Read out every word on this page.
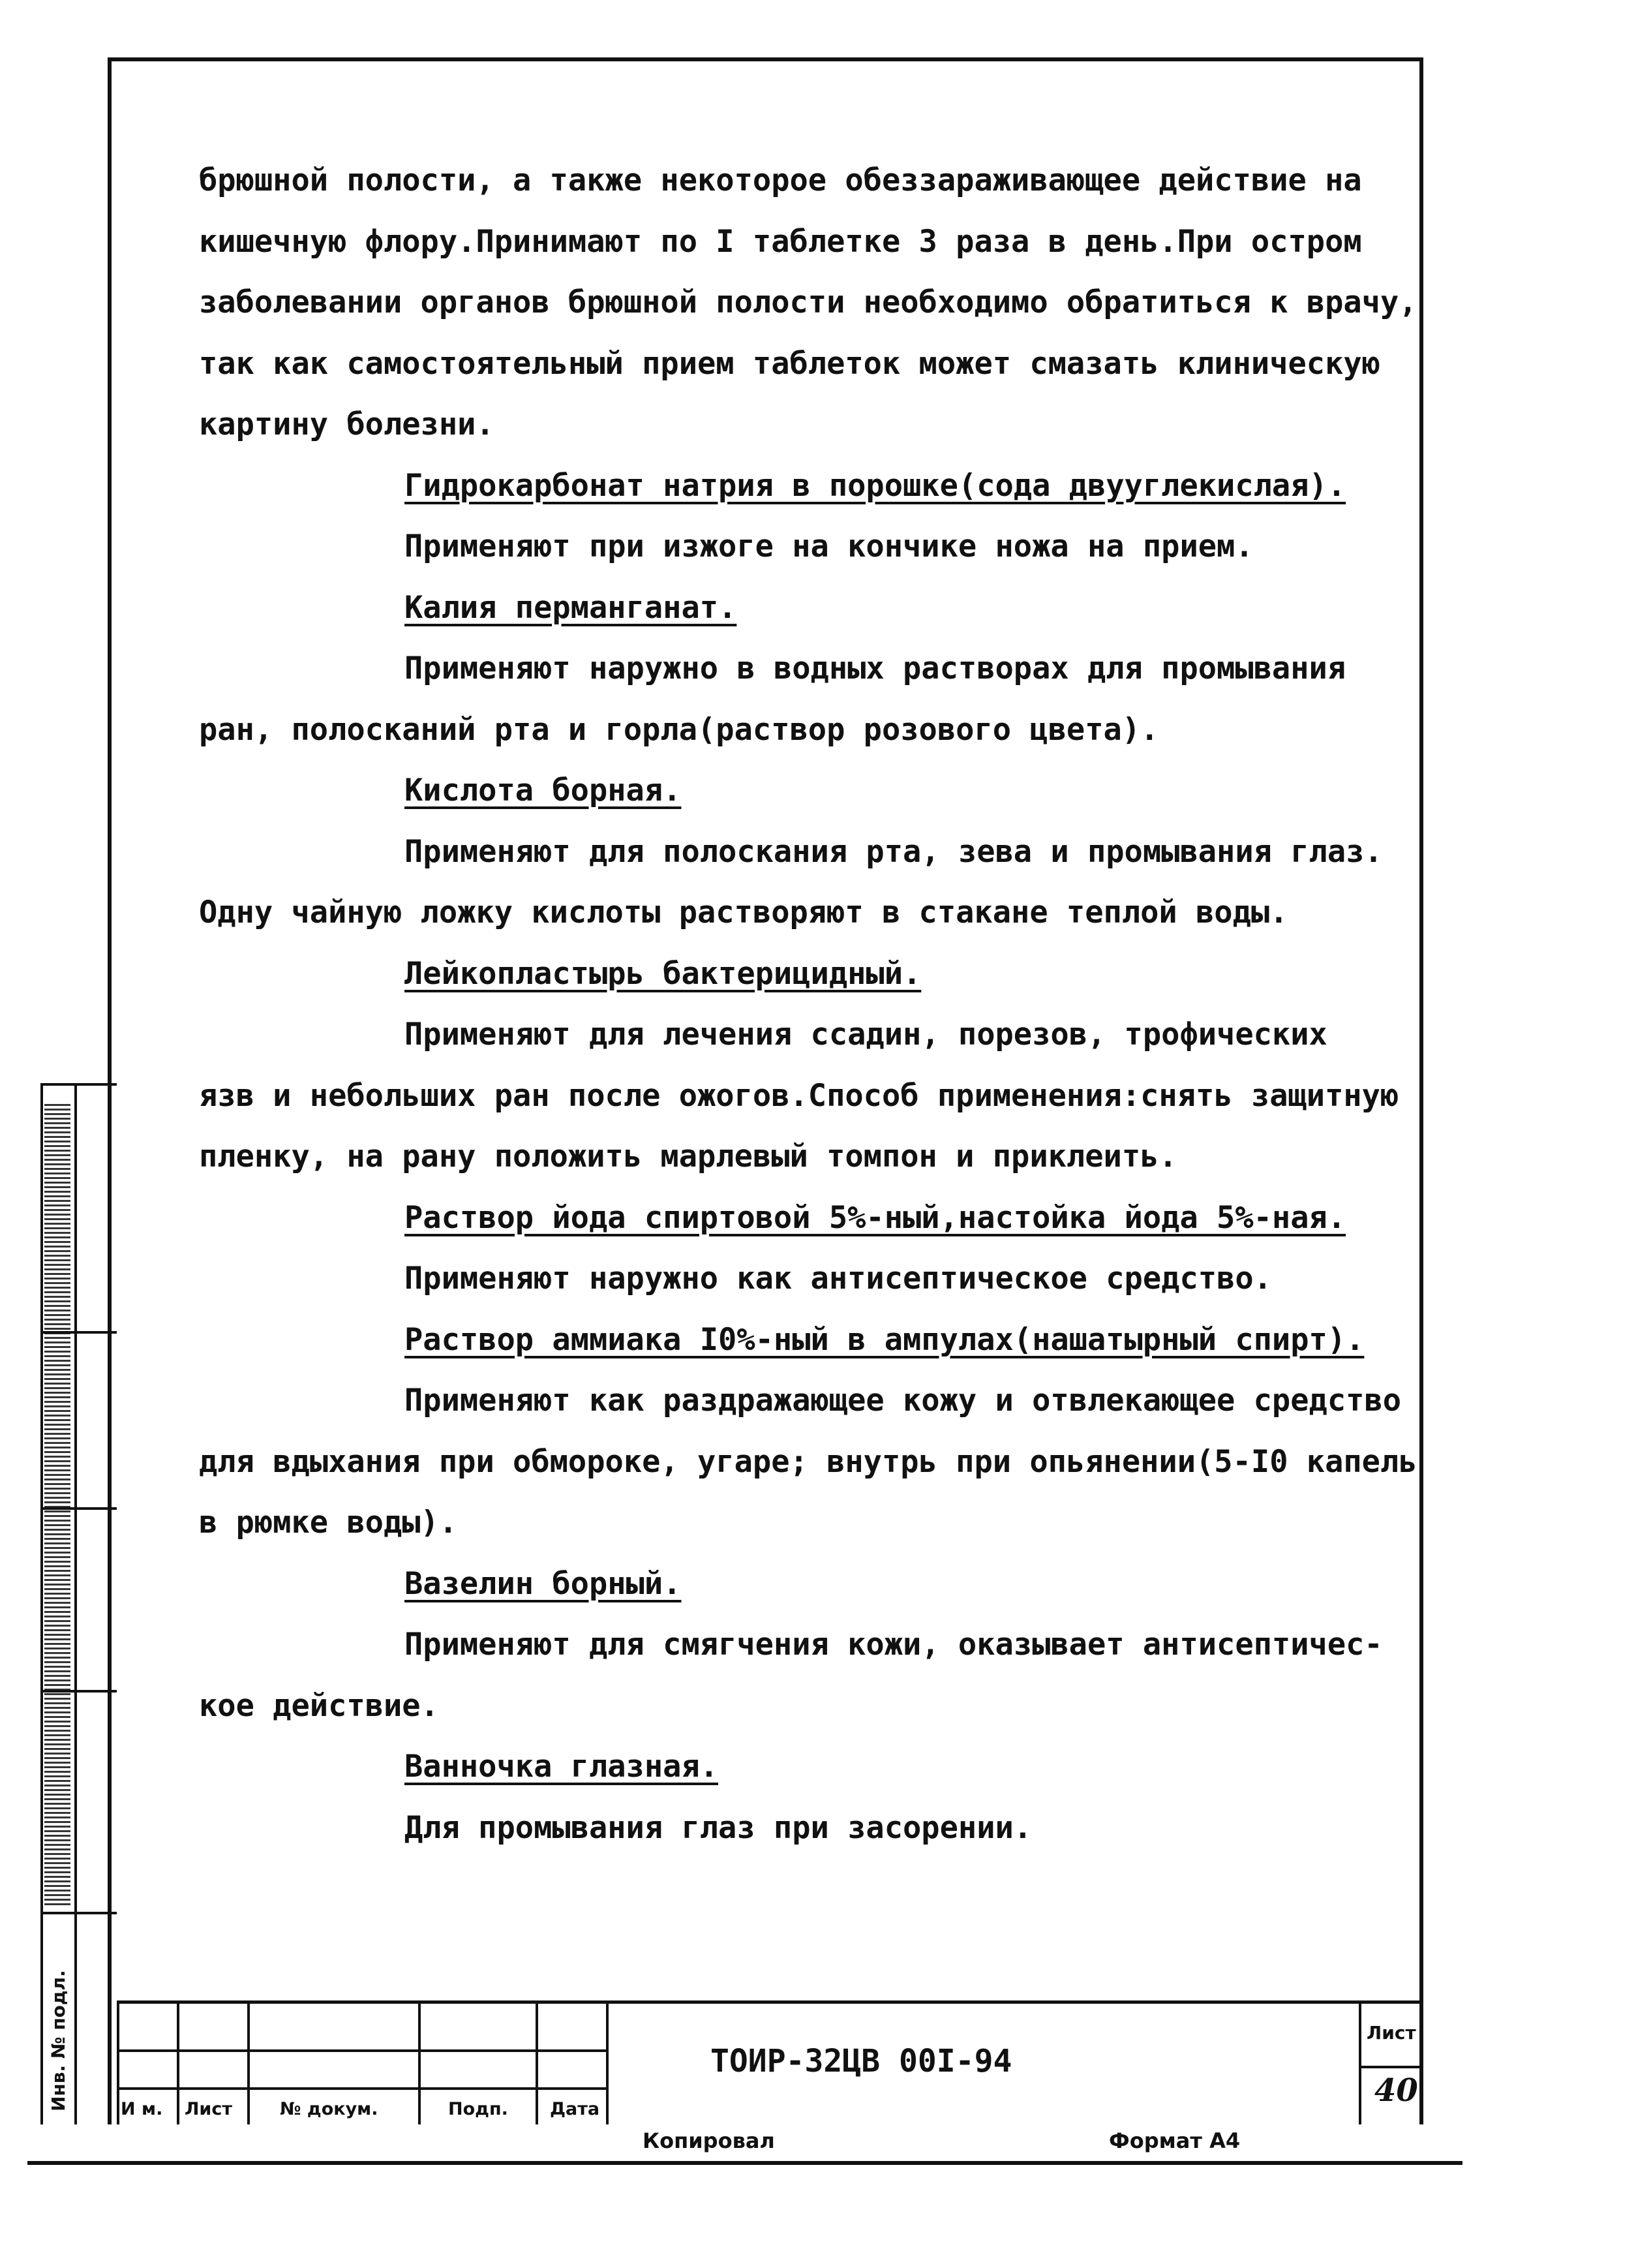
брюшной полости, а также некоторое обеззараживающее действие на
кишечную флору.Принимают по I таблетке 3 раза в день.При остром
заболевании органов брюшной полости необходимо обратиться к врачу,
так как самостоятельный прием таблеток может смазать клиническую
картину болезни.
Гидрокарбонат натрия в порошке(сода двууглекислая).
Применяют при изжоге на кончике ножа на прием.
Калия перманганат.
Применяют наружно в водных растворах для промывания
ран, полосканий рта и горла(раствор розового цвета).
Кислота борная.
Применяют для полоскания рта, зева и промывания глаз.
Одну чайную ложку кислоты растворяют в стакане теплой воды.
Лейкопластырь бактерицидный.
Применяют для лечения ссадин, порезов, трофических
язв и небольших ран после ожогов.Способ применения:снять защитную
пленку, на рану положить марлевый томпон и приклеить.
Раствор йода спиртовой 5%-ный,настойка йода 5%-ная.
Применяют наружно как антисептическое средство.
Раствор аммиака I0%-ный в ампулах(нашатырный спирт).
Применяют как раздражающее кожу и отвлекающее средство
для вдыхания при обмороке, угаре; внутрь при опьянении(5-I0 капель
в рюмке воды).
Вазелин борный.
Применяют для смягчения кожи, оказывает антисептичес-
кое действие.
Ванночка глазная.
Для промывания глаз при засорении.
Инв. № подл.	И м. Лист	№ докум.	Подп. Дата
ТОИР-32ЦВ 00I-94
Лист
40
Копировал	Формат А4
